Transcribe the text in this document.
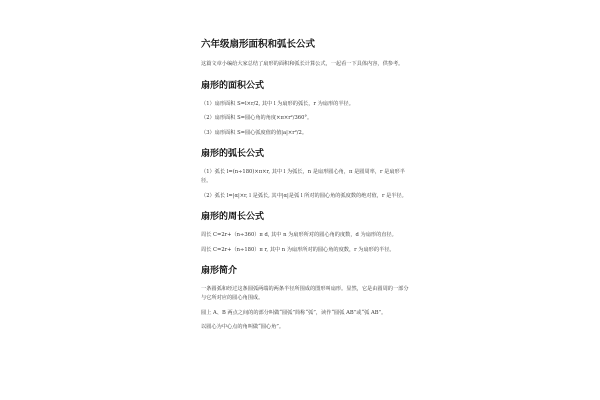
六年级扇形面积和弧长公式

这篇文章小编给大家总结了扇形的面积和弧长计算公式，一起看一下具体内容，供参考。

扇形的面积公式

（1）扇形面积 S=l×r/2, 其中 l 为扇形的弧长，r 为扇形的半径。

（2）扇形面积 S=圆心角的角度×π×r²/360°。

（3）扇形面积 S=圆心弧度值的值|a|×r²/2。

扇形的弧长公式

（1）弧长 l=(n÷180)×π×r, 其中 l 为弧长，n 是扇形圆心角，π 是圆周率，r 是扇形半径。

（2）弧长 l=|α|×r, l 是弧长, 其中|α|是弧 l 所对的圆心角的弧度数的绝对值，r 是半径。

扇形的周长公式

周长 C=2r+（n÷360）π d, 其中 n 为扇形所对的圆心角的度数，d 为扇形的直径。

周长 C=2r+（n÷180）π r, 其中 n 为扇形所对的圆心角的度数，r 为扇形的半径。

扇形简介

一条圆弧和经过这条圆弧两端的两条半径所围成的图形叫扇形。显然，它是由圆周的一部分与它所对应的圆心角围成。

圆上 A、B 两点之间的的部分叫做“圆弧”简称“弧”，读作“圆弧 AB”或“弧 AB”。

以圆心为中心点的角叫做“圆心角”。
